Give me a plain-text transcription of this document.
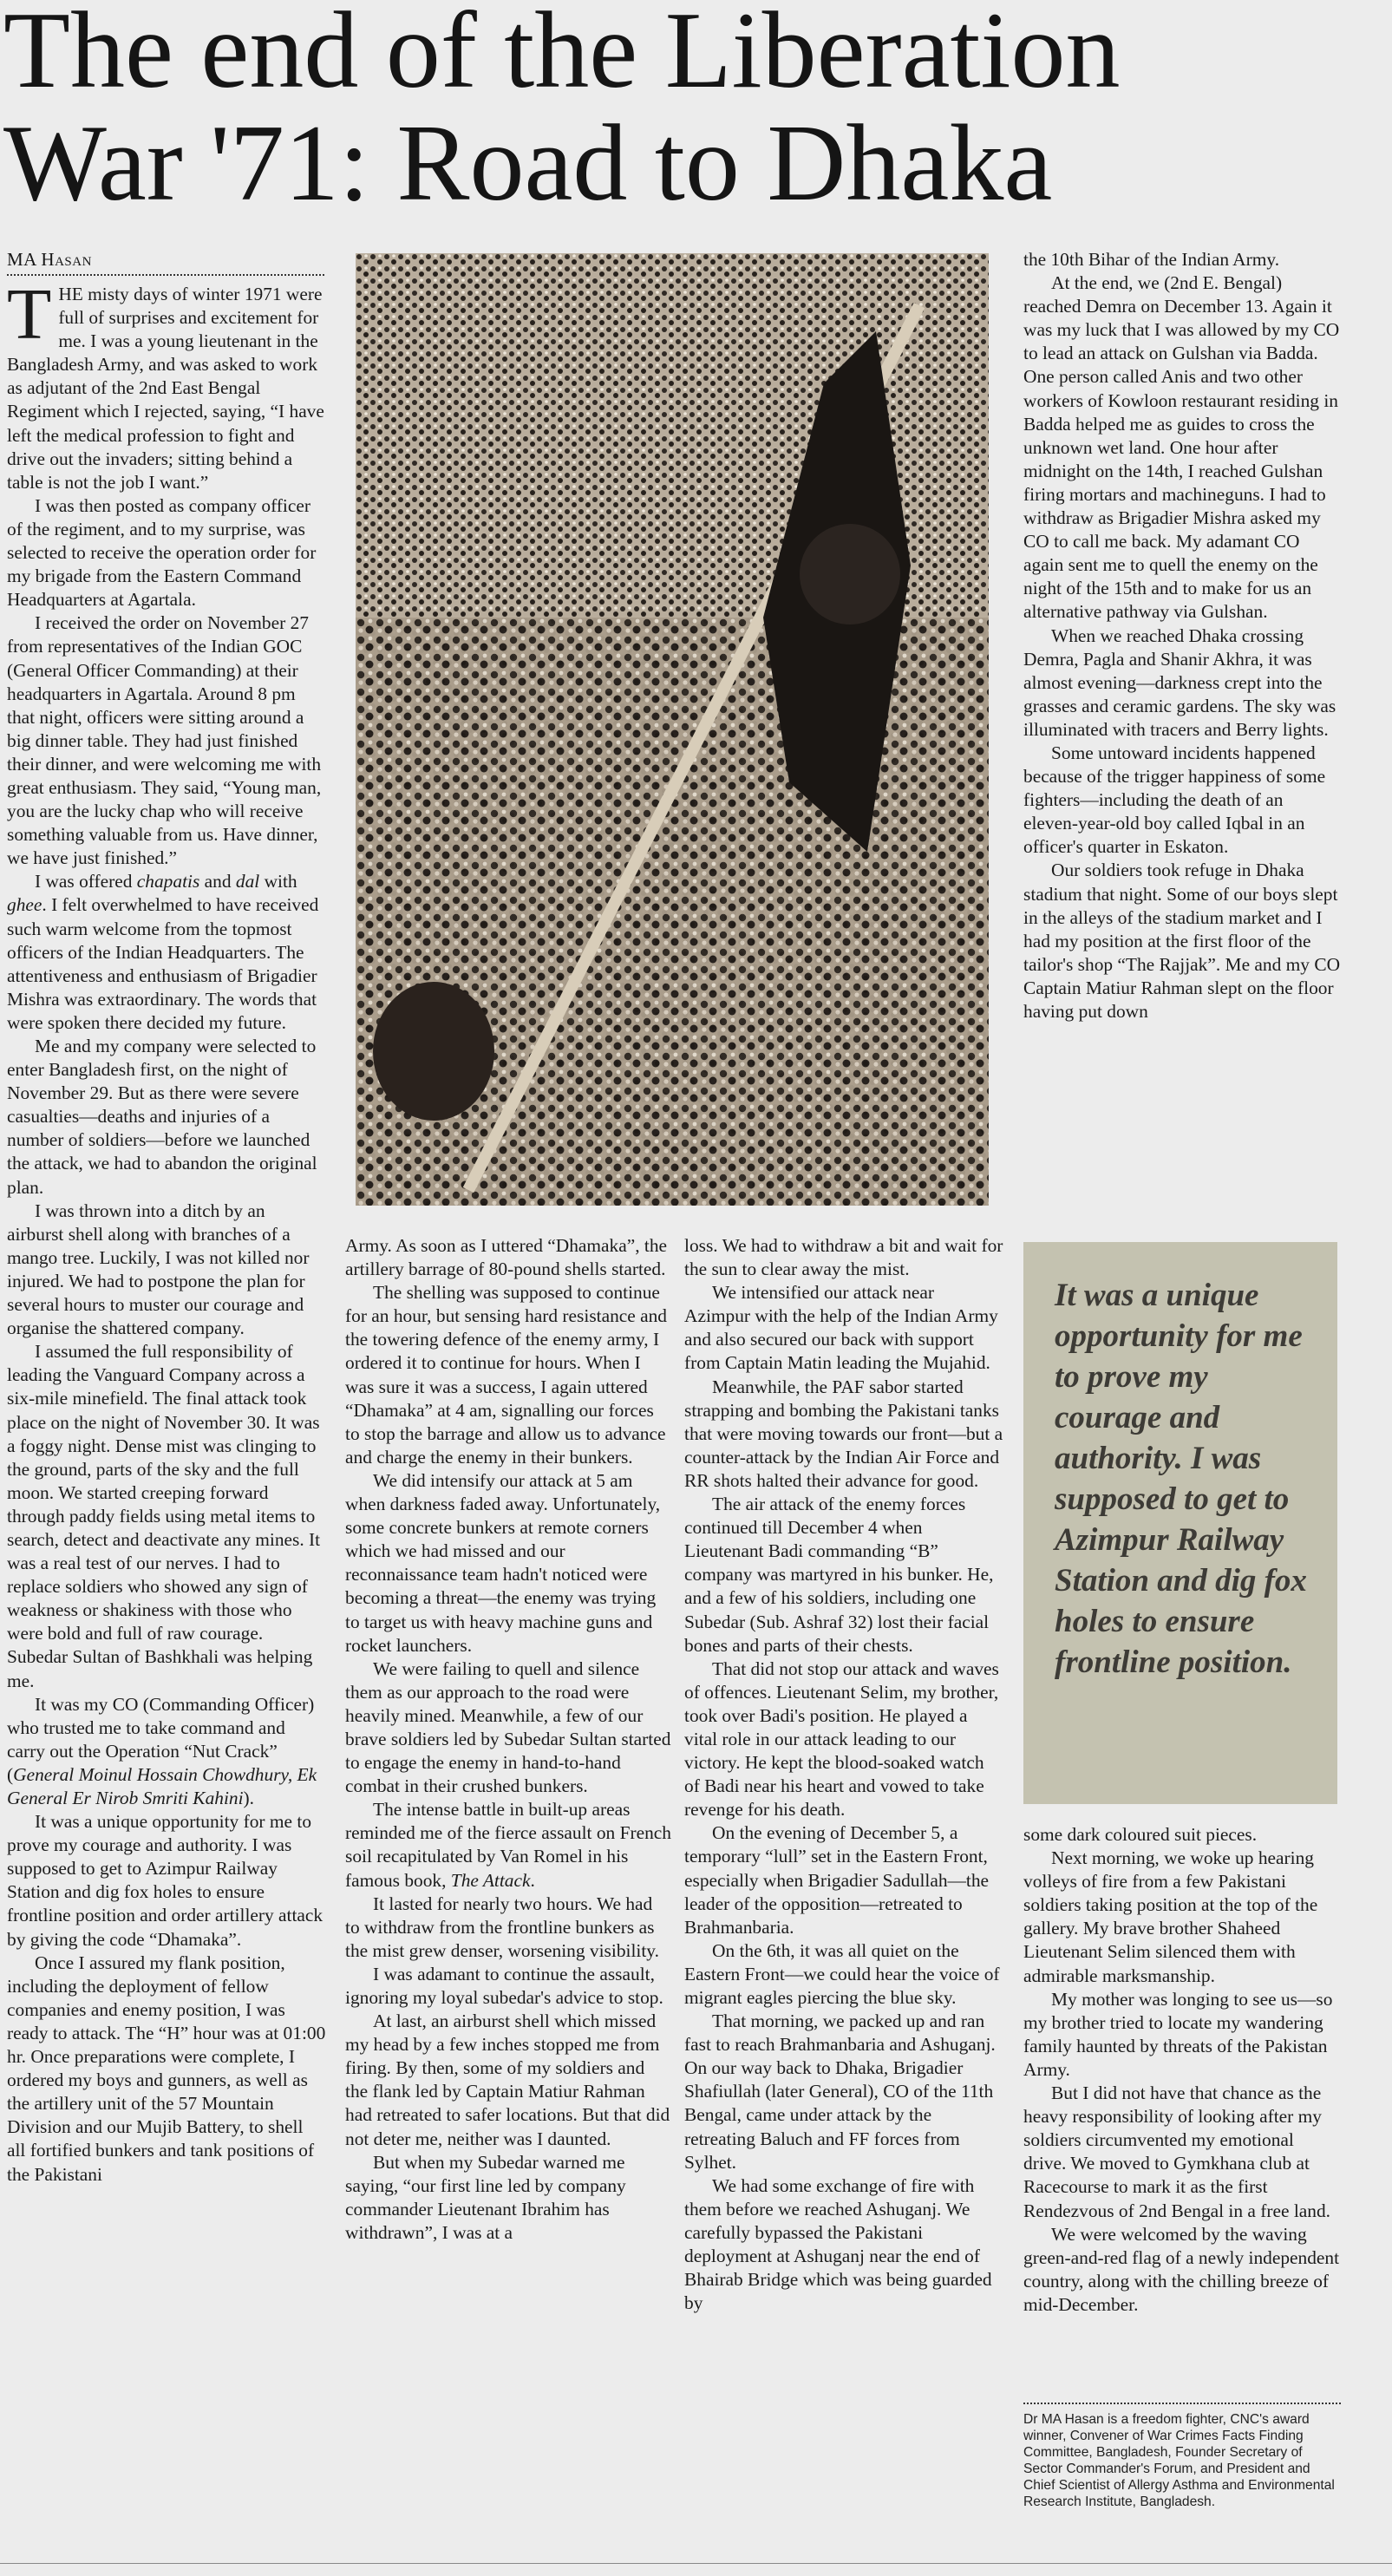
The end of the Liberation
War '71: Road to Dhaka
MA Hasan
T HE misty days of winter 1971 were full of surprises and excitement for me. I was a young lieutenant in the Bangladesh Army, and was asked to work as adjutant of the 2nd East Bengal Regiment which I rejected, saying, “I have left the medical profession to fight and drive out the invaders; sitting behind a table is not the job I want.”

I was then posted as company officer of the regiment, and to my surprise, was selected to receive the operation order for my brigade from the Eastern Command Headquarters at Agartala.

I received the order on November 27 from representatives of the Indian GOC (General Officer Commanding) at their headquarters in Agartala. Around 8 pm that night, officers were sitting around a big dinner table. They had just finished their dinner, and were welcoming me with great enthusiasm. They said, “Young man, you are the lucky chap who will receive something valuable from us. Have dinner, we have just finished.”

I was offered chapatis and dal with ghee. I felt overwhelmed to have received such warm welcome from the topmost officers of the Indian Headquarters. The attentiveness and enthusiasm of Brigadier Mishra was extraordinary. The words that were spoken there decided my future.

Me and my company were selected to enter Bangladesh first, on the night of November 29. But as there were severe casualties—deaths and injuries of a number of soldiers—before we launched the attack, we had to abandon the original plan.

I was thrown into a ditch by an airburst shell along with branches of a mango tree. Luckily, I was not killed nor injured. We had to postpone the plan for several hours to muster our courage and organise the shattered company.

I assumed the full responsibility of leading the Vanguard Company across a six-mile minefield. The final attack took place on the night of November 30. It was a foggy night. Dense mist was clinging to the ground, parts of the sky and the full moon. We started creeping forward through paddy fields using metal items to search, detect and deactivate any mines. It was a real test of our nerves. I had to replace soldiers who showed any sign of weakness or shakiness with those who were bold and full of raw courage. Subedar Sultan of Bashkhali was helping me.

It was my CO (Commanding Officer) who trusted me to take command and carry out the Operation “Nut Crack” (General Moinul Hossain Chowdhury, Ek General Er Nirob Smriti Kahini).

It was a unique opportunity for me to prove my courage and authority. I was supposed to get to Azimpur Railway Station and dig fox holes to ensure frontline position and order artillery attack by giving the code “Dhamaka”.

Once I assured my flank position, including the deployment of fellow companies and enemy position, I was ready to attack. The “H” hour was at 01:00 hr. Once preparations were complete, I ordered my boys and gunners, as well as the artillery unit of the 57 Mountain Division and our Mujib Battery, to shell all fortified bunkers and tank positions of the Pakistani

Army. As soon as I uttered “Dhamaka”, the artillery barrage of 80-pound shells started.

The shelling was supposed to continue for an hour, but sensing hard resistance and the towering defence of the enemy army, I ordered it to continue for hours. When I was sure it was a success, I again uttered “Dhamaka” at 4 am, signalling our forces to stop the barrage and allow us to advance and charge the enemy in their bunkers.

We did intensify our attack at 5 am when darkness faded away. Unfortunately, some concrete bunkers at remote corners which we had missed and our reconnaissance team hadn't noticed were becoming a threat—the enemy was trying to target us with heavy machine guns and rocket launchers.

We were failing to quell and silence them as our approach to the road were heavily mined. Meanwhile, a few of our brave soldiers led by Subedar Sultan started to engage the enemy in hand-to-hand combat in their crushed bunkers.

The intense battle in built-up areas reminded me of the fierce assault on French soil recapitulated by Van Romel in his famous book, The Attack.

It lasted for nearly two hours. We had to withdraw from the frontline bunkers as the mist grew denser, worsening visibility.

I was adamant to continue the assault, ignoring my loyal subedar's advice to stop.

At last, an airburst shell which missed my head by a few inches stopped me from firing. By then, some of my soldiers and the flank led by Captain Matiur Rahman had retreated to safer locations. But that did not deter me, neither was I daunted.

But when my Subedar warned me saying, “our first line led by company commander Lieutenant Ibrahim has withdrawn”, I was at a

loss. We had to withdraw a bit and wait for the sun to clear away the mist.

We intensified our attack near Azimpur with the help of the Indian Army and also secured our back with support from Captain Matin leading the Mujahid.

Meanwhile, the PAF sabor started strapping and bombing the Pakistani tanks that were moving towards our front—but a counter-attack by the Indian Air Force and RR shots halted their advance for good.

The air attack of the enemy forces continued till December 4 when Lieutenant Badi commanding “B” company was martyred in his bunker. He, and a few of his soldiers, including one Subedar (Sub. Ashraf 32) lost their facial bones and parts of their chests.

That did not stop our attack and waves of offences. Lieutenant Selim, my brother, took over Badi's position. He played a vital role in our attack leading to our victory. He kept the blood-soaked watch of Badi near his heart and vowed to take revenge for his death.

On the evening of December 5, a temporary “lull” set in the Eastern Front, especially when Brigadier Sadullah—the leader of the opposition—retreated to Brahmanbaria.

On the 6th, it was all quiet on the Eastern Front—we could hear the voice of migrant eagles piercing the blue sky.

That morning, we packed up and ran fast to reach Brahmanbaria and Ashuganj. On our way back to Dhaka, Brigadier Shafiullah (later General), CO of the 11th Bengal, came under attack by the retreating Baluch and FF forces from Sylhet.

We had some exchange of fire with them before we reached Ashuganj. We carefully bypassed the Pakistani deployment at Ashuganj near the end of Bhairab Bridge which was being guarded by

the 10th Bihar of the Indian Army.

At the end, we (2nd E. Bengal) reached Demra on December 13. Again it was my luck that I was allowed by my CO to lead an attack on Gulshan via Badda. One person called Anis and two other workers of Kowloon restaurant residing in Badda helped me as guides to cross the unknown wet land. One hour after midnight on the 14th, I reached Gulshan firing mortars and machineguns. I had to withdraw as Brigadier Mishra asked my CO to call me back. My adamant CO again sent me to quell the enemy on the night of the 15th and to make for us an alternative pathway via Gulshan.

When we reached Dhaka crossing Demra, Pagla and Shanir Akhra, it was almost evening—darkness crept into the grasses and ceramic gardens. The sky was illuminated with tracers and Berry lights.

Some untoward incidents happened because of the trigger happiness of some fighters—including the death of an eleven-year-old boy called Iqbal in an officer's quarter in Eskaton.

Our soldiers took refuge in Dhaka stadium that night. Some of our boys slept in the alleys of the stadium market and I had my position at the first floor of the tailor's shop “The Rajjak”. Me and my CO Captain Matiur Rahman slept on the floor having put down

It was a unique opportunity for me to prove my courage and authority. I was supposed to get to Azimpur Railway Station and dig fox holes to ensure frontline position.

some dark coloured suit pieces.

Next morning, we woke up hearing volleys of fire from a few Pakistani soldiers taking position at the top of the gallery. My brave brother Shaheed Lieutenant Selim silenced them with admirable marksmanship.

My mother was longing to see us—so my brother tried to locate my wandering family haunted by threats of the Pakistan Army.

But I did not have that chance as the heavy responsibility of looking after my soldiers circumvented my emotional drive. We moved to Gymkhana club at Racecourse to mark it as the first Rendezvous of 2nd Bengal in a free land.

We were welcomed by the waving green-and-red flag of a newly independent country, along with the chilling breeze of mid-December.

Dr MA Hasan is a freedom fighter, CNC's award winner, Convener of War Crimes Facts Finding Committee, Bangladesh, Founder Secretary of Sector Commander's Forum, and President and Chief Scientist of Allergy Asthma and Environmental Research Institute, Bangladesh.
